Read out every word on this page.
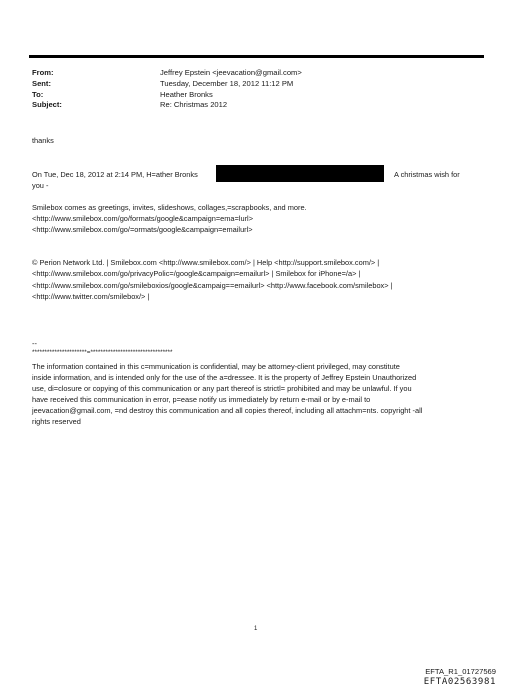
From:	Jeffrey Epstein <jeevacation@gmail.com>
Sent:	Tuesday, December 18, 2012 11:12 PM
To:	Heather Bronks
Subject:	Re: Christmas 2012
thanks
On Tue, Dec 18, 2012 at 2:14 PM, H=ather Bronks	A christmas wish for
you -
Smilebox comes as greetings, invites, slideshows, collages,=scrapbooks, and more.
<http://www.smilebox.com/go/formats/google&campaign=ema=lurl>
<http://www.smilebox.com/go/=ormats/google&campaign=emailurl>
© Perion Network Ltd. | Smilebox.com <http://www.smilebox.com/> | Help <http://support.smilebox.com/> |
<http://www.smilebox.com/go/privacyPolic=/google&campaign=emailurl> | Smilebox for iPhone=/a> |
<http://www.smilebox.com/go/smileboxios/google&campaig==emailurl> <http://www.facebook.com/smilebox> |
<http://www.twitter.com/smilebox/> |
--
**********************=*********************************
The information contained in this c=mmunication is confidential, may be attorney-client privileged, may constitute
inside information, and is intended only for the use of the a=dressee. It is the property of Jeffrey Epstein Unauthorized
use, di=closure or copying of this communication or any part thereof is strictl= prohibited and may be unlawful. If you
have received this communication in error, p=ease notify us immediately by return e-mail or by e-mail to
jeevacation@gmail.com, =nd destroy this communication and all copies thereof, including all attachm=nts. copyright -all
rights reserved
1
EFTA_R1_01727569
EFTA02563981
